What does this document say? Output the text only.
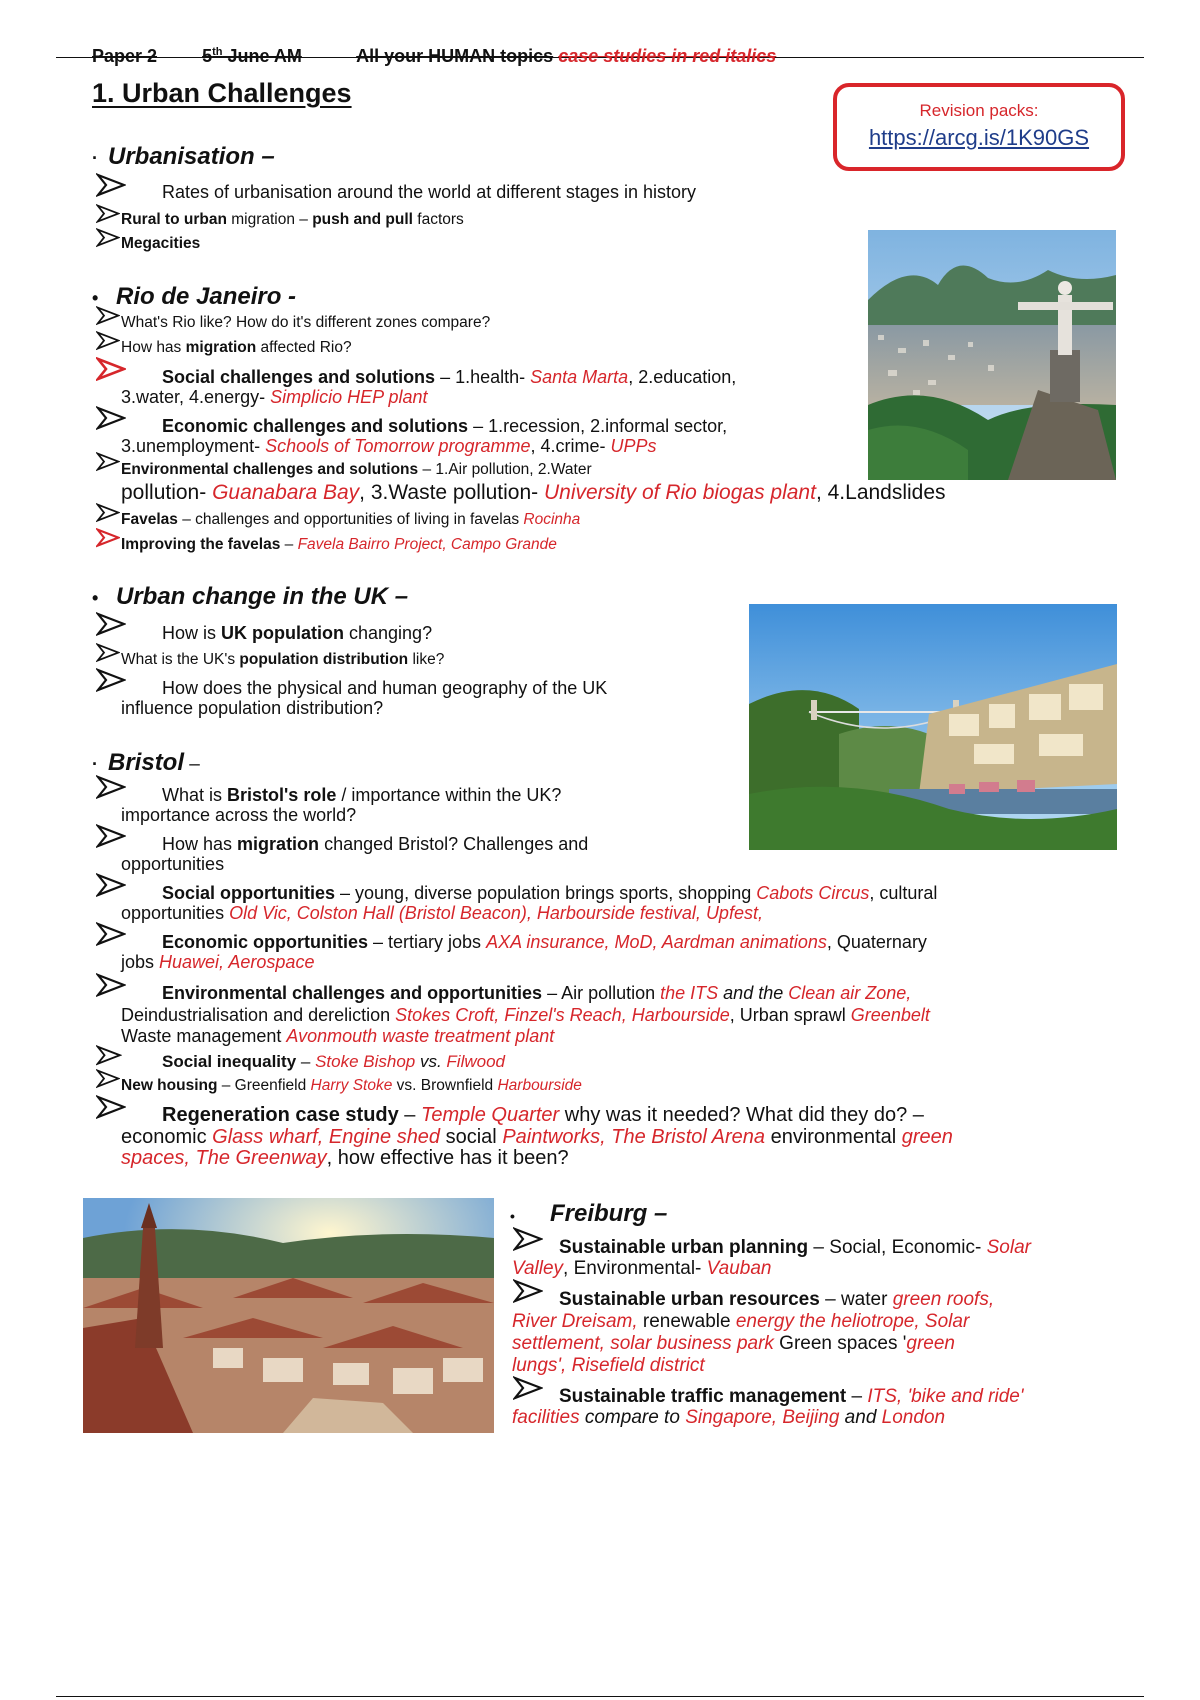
Paper 2	5th June AM	All your HUMAN topics case studies in red italics
1. Urban Challenges
Revision packs:
https://arcg.is/1K90GS
· Urbanisation –
Rates of urbanisation around the world at different stages in history
Rural to urban migration – push and pull factors
Megacities
• Rio de Janeiro -
What's Rio like? How do it's different zones compare?
How has migration affected Rio?
Social challenges and solutions – 1.health- Santa Marta, 2.education,
3.water, 4.energy- Simplicio HEP plant
Economic challenges and solutions – 1.recession, 2.informal sector,
3.unemployment- Schools of Tomorrow programme, 4.crime- UPPs
Environmental challenges and solutions – 1.Air pollution, 2.Water
pollution- Guanabara Bay, 3.Waste pollution- University of Rio biogas plant, 4.Landslides
Favelas – challenges and opportunities of living in favelas Rocinha
Improving the favelas – Favela Bairro Project, Campo Grande
• Urban change in the UK –
How is UK population changing?
What is the UK's population distribution like?
How does the physical and human geography of the UK
influence population distribution?
· Bristol –
What is Bristol's role / importance within the UK?
importance across the world?
How has migration changed Bristol? Challenges and
opportunities
Social opportunities – young, diverse population brings sports, shopping Cabots Circus, cultural
opportunities Old Vic, Colston Hall (Bristol Beacon), Harbourside festival, Upfest,
Economic opportunities – tertiary jobs AXA insurance, MoD, Aardman animations, Quaternary
jobs Huawei, Aerospace
Environmental challenges and opportunities – Air pollution the ITS and the Clean air Zone,
Deindustrialisation and dereliction Stokes Croft, Finzel's Reach, Harbourside, Urban sprawl Greenbelt
Waste management Avonmouth waste treatment plant
Social inequality – Stoke Bishop vs. Filwood
New housing – Greenfield Harry Stoke vs. Brownfield Harbourside
Regeneration case study – Temple Quarter why was it needed? What did they do? –
economic Glass wharf, Engine shed social Paintworks, The Bristol Arena environmental green
spaces, The Greenway, how effective has it been?
• Freiburg –
Sustainable urban planning – Social, Economic- Solar
Valley, Environmental- Vauban
Sustainable urban resources – water green roofs,
River Dreisam, renewable energy the heliotrope, Solar
settlement, solar business park Green spaces 'green
lungs', Risefield district
Sustainable traffic management – ITS, 'bike and ride'
facilities compare to Singapore, Beijing and London
